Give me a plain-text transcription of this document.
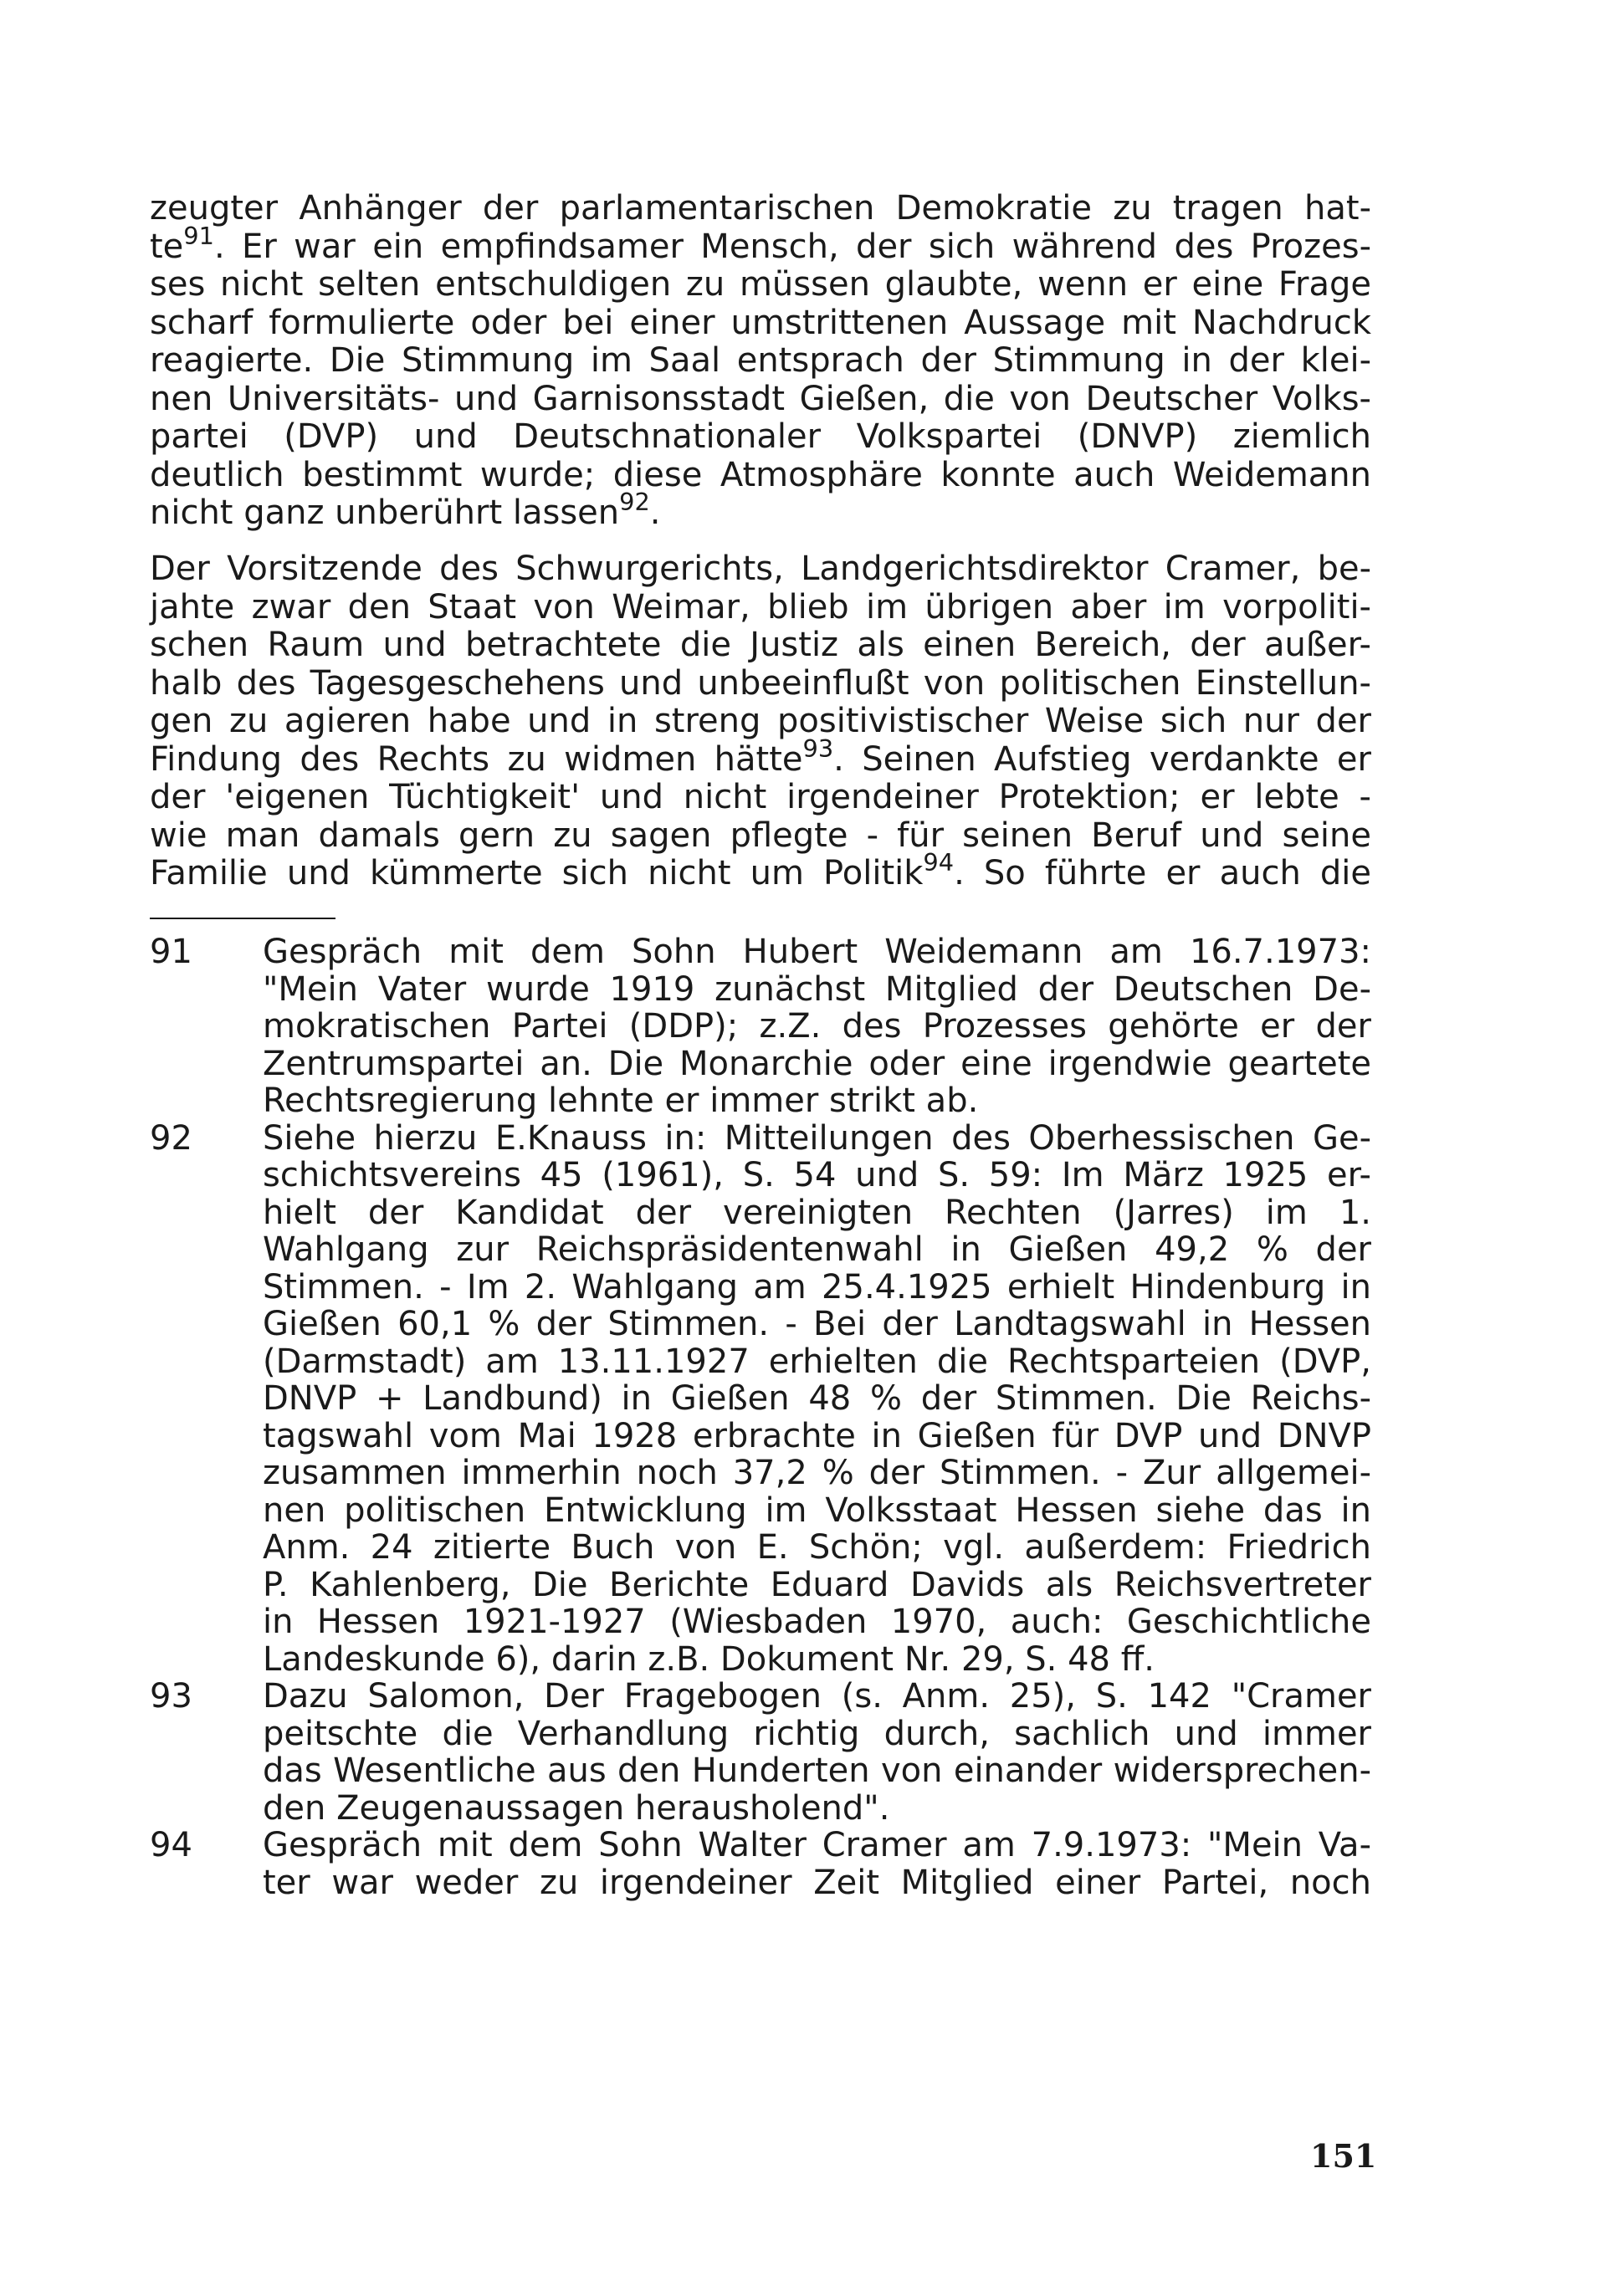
zeugter Anhänger der parlamentarischen Demokratie zu tragen hat-
$te^{91}$. Er war ein empfindsamer Mensch, der sich während des Prozes-
ses nicht selten entschuldigen zu müssen glaubte, wenn er eine Frage
scharf formulierte oder bei einer umstrittenen Aussage mit Nachdruck
reagierte. Die Stimmung im Saal entsprach der Stimmung in der klei-
nen Universitäts- und Garnisonsstadt Gießen, die von Deutscher Volks-
partei (DVP) und Deutschnationaler Volkspartei (DNVP) ziemlich
deutlich bestimmt wurde; diese Atmosphäre konnte auch Weidemann
nicht ganz unberührt lassen$^{92}$.
Der Vorsitzende des Schwurgerichts, Landgerichtsdirektor Cramer, be-
jahte zwar den Staat von Weimar, blieb im übrigen aber im vorpoliti-
schen Raum und betrachtete die Justiz als einen Bereich, der außer-
halb des Tagesgeschehens und unbeeinflußt von politischen Einstellun-
gen zu agieren habe und in streng positivistischer Weise sich nur der
Findung des Rechts zu widmen hätte$^{93}$. Seinen Aufstieg verdankte er
der 'eigenen Tüchtigkeit' und nicht irgendeiner Protektion; er lebte -
wie man damals gern zu sagen pflegte - für seinen Beruf und seine
Familie und kümmerte sich nicht um Politik$^{94}$. So führte er auch die
91	Gespräch mit dem Sohn Hubert Weidemann am 16.7.1973:
"Mein Vater wurde 1919 zunächst Mitglied der Deutschen De-
mokratischen Partei (DDP); z.Z. des Prozesses gehörte er der
Zentrumspartei an. Die Monarchie oder eine irgendwie geartete
Rechtsregierung lehnte er immer strikt ab.
92	Siehe hierzu E.Knauss in: Mitteilungen des Oberhessischen Ge-
schichtsvereins 45 (1961), S. 54 und S. 59: Im März 1925 er-
hielt der Kandidat der vereinigten Rechten (Jarres) im 1.
Wahlgang zur Reichspräsidentenwahl in Gießen 49,2 % der
Stimmen. - Im 2. Wahlgang am 25.4.1925 erhielt Hindenburg in
Gießen 60,1 % der Stimmen. - Bei der Landtagswahl in Hessen
(Darmstadt) am 13.11.1927 erhielten die Rechtsparteien (DVP,
DNVP + Landbund) in Gießen 48 % der Stimmen. Die Reichs-
tagswahl vom Mai 1928 erbrachte in Gießen für DVP und DNVP
zusammen immerhin noch 37,2 % der Stimmen. - Zur allgemei-
nen politischen Entwicklung im Volksstaat Hessen siehe das in
Anm. 24 zitierte Buch von E. Schön; vgl. außerdem: Friedrich
P. Kahlenberg, Die Berichte Eduard Davids als Reichsvertreter
in Hessen 1921-1927 (Wiesbaden 1970, auch: Geschichtliche
Landeskunde 6), darin z.B. Dokument Nr. 29, S. 48 ff.
93	Dazu Salomon, Der Fragebogen (s. Anm. 25), S. 142 "Cramer
peitschte die Verhandlung richtig durch, sachlich und immer
das Wesentliche aus den Hunderten von einander widersprechen-
den Zeugenaussagen herausholend".
94	Gespräch mit dem Sohn Walter Cramer am 7.9.1973: "Mein Va-
ter war weder zu irgendeiner Zeit Mitglied einer Partei, noch
151
